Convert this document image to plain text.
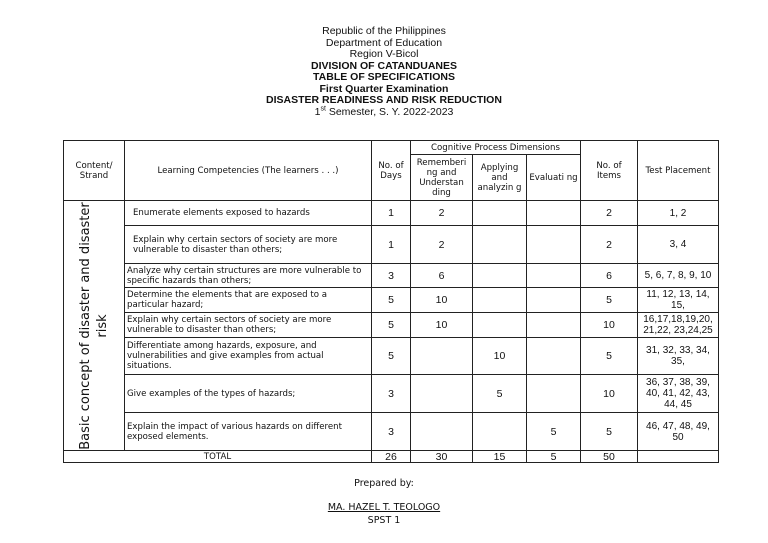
Republic of the Philippines
Department of Education
Region V-Bicol
DIVISION OF CATANDUANES
TABLE OF SPECIFICATIONS
First Quarter Examination
DISASTER READINESS AND RISK REDUCTION
1st Semester, S. Y. 2022-2023
Content/ Strand	Learning Competencies (The learners . . .)	No. of Days	Cognitive Process Dimensions			No. of Items	Test Placement
			Rememberi ng and Understan ding	Applying and analyzin g	Evaluati ng		

Basic concept of disaster and disaster risk	Enumerate elements exposed to hazards	1	2			2	1, 2
	Explain why certain sectors of society are more vulnerable to disaster than others;	1	2			2	3, 4
	Analyze why certain structures are more vulnerable to specific hazards than others;	3	6			6	5, 6, 7, 8, 9, 10
	Determine the elements that are exposed to a particular hazard;	5	10			5	11, 12, 13, 14, 15,
	Explain why certain sectors of society are more vulnerable to disaster than others;	5	10			10	16,17,18,19,20, 21,22, 23,24,25
	Differentiate among hazards, exposure, and vulnerabilities and give examples from actual situations.	5		10		5	31, 32, 33, 34, 35,
	Give examples of the types of hazards;	3		5		10	36, 37, 38, 39, 40, 41, 42, 43, 44, 45
	Explain the impact of various hazards on different exposed elements.	3			5	5	46, 47, 48, 49, 50
TOTAL		26	30	15	5	50	
Prepared by:
MA. HAZEL T. TEOLOGO
SPST 1
